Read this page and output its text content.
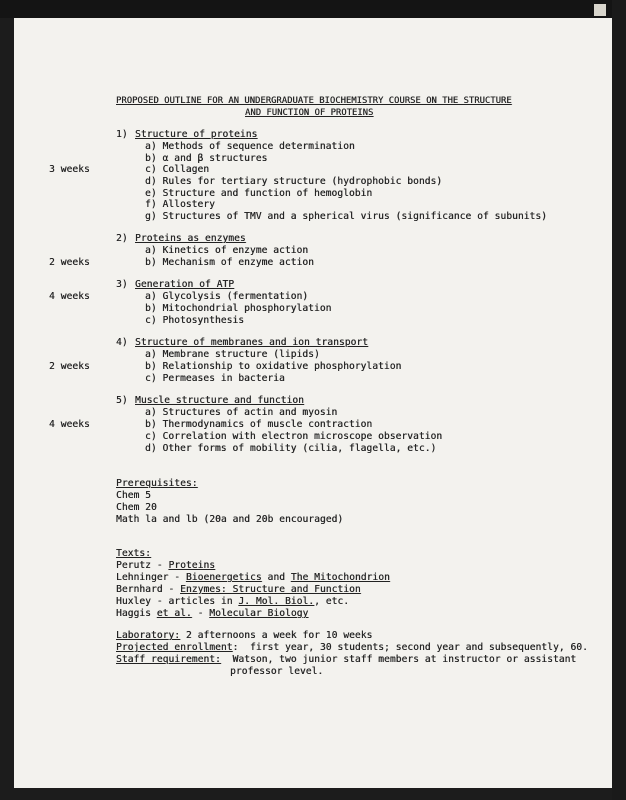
PROPOSED OUTLINE FOR AN UNDERGRADUATE BIOCHEMISTRY COURSE ON THE STRUCTURE
AND FUNCTION OF PROTEINS
1) Structure of proteins
a) Methods of sequence determination
b) α and β structures
3 weeks	c) Collagen
d) Rules for tertiary structure (hydrophobic bonds)
e) Structure and function of hemoglobin
f) Allostery
g) Structures of TMV and a spherical virus (significance of subunits)
2) Proteins as enzymes
a) Kinetics of enzyme action
2 weeks	b) Mechanism of enzyme action
3) Generation of ATP
4 weeks	a) Glycolysis (fermentation)
b) Mitochondrial phosphorylation
c) Photosynthesis
4) Structure of membranes and ion transport
a) Membrane structure (lipids)
2 weeks	b) Relationship to oxidative phosphorylation
c) Permeases in bacteria
5) Muscle structure and function
a) Structures of actin and myosin
4 weeks	b) Thermodynamics of muscle contraction
c) Correlation with electron microscope observation
d) Other forms of mobility (cilia, flagella, etc.)
Prerequisites:
Chem 5
Chem 20
Math la and lb (20a and 20b encouraged)
Texts:
Perutz - Proteins
Lehninger - Bioenergetics and The Mitochondrion
Bernhard - Enzymes: Structure and Function
Huxley - articles in J. Mol. Biol., etc.
Haggis et al. - Molecular Biology
Laboratory: 2 afternoons a week for 10 weeks
Projected enrollment:  first year, 30 students; second year and subsequently, 60.
Staff requirement:  Watson, two junior staff members at instructor or assistant
professor level.
